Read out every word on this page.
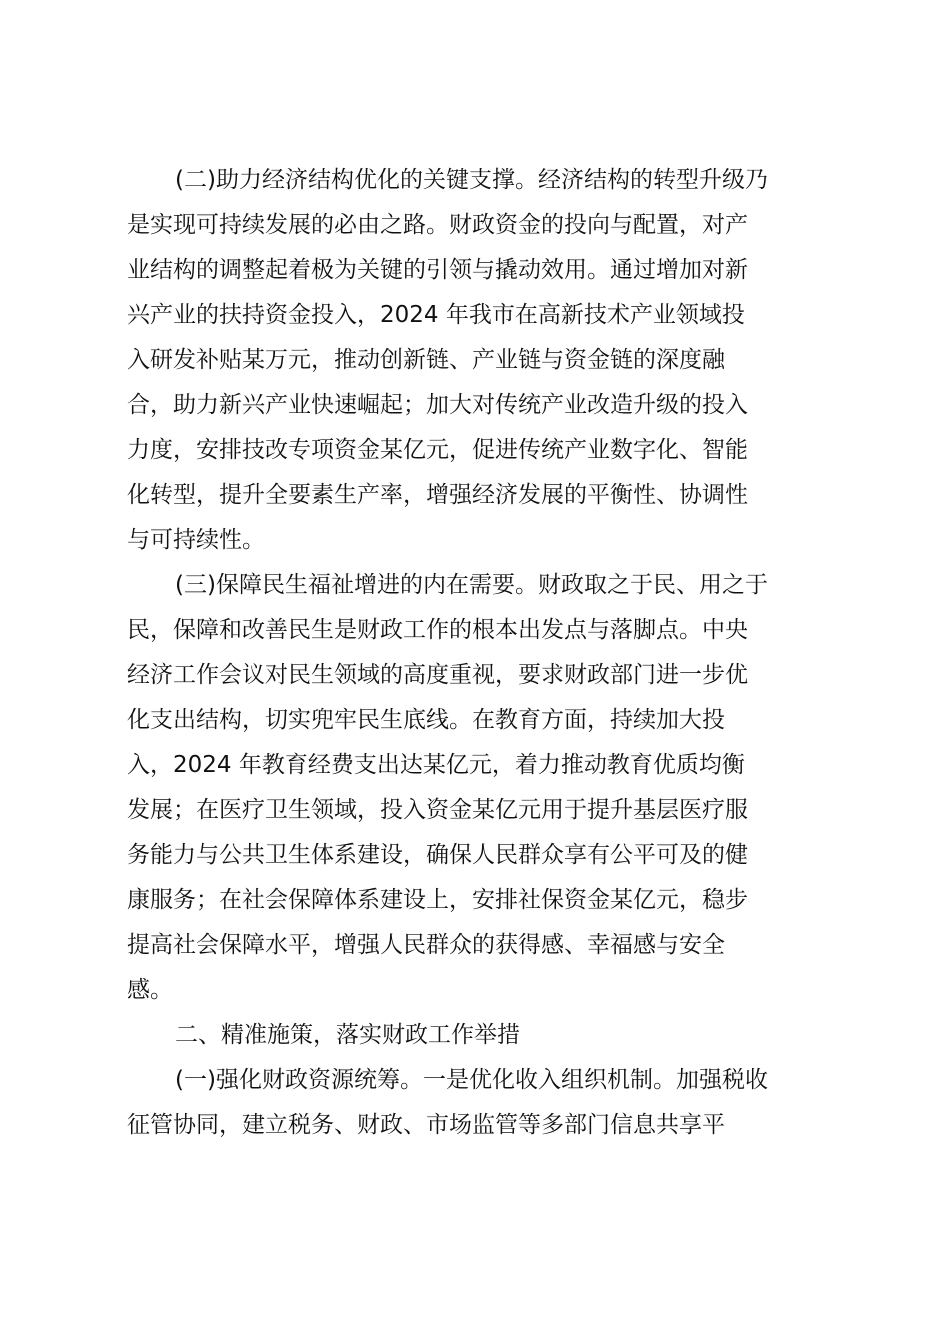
(二)助力经济结构优化的关键支撑。经济结构的转型升级乃
是实现可持续发展的必由之路。财政资金的投向与配置，对产
业结构的调整起着极为关键的引领与撬动效用。通过增加对新
兴产业的扶持资金投入，2024 年我市在高新技术产业领域投
入研发补贴某万元，推动创新链、产业链与资金链的深度融
合，助力新兴产业快速崛起；加大对传统产业改造升级的投入
力度，安排技改专项资金某亿元，促进传统产业数字化、智能
化转型，提升全要素生产率，增强经济发展的平衡性、协调性
与可持续性。
(三)保障民生福祉增进的内在需要。财政取之于民、用之于
民，保障和改善民生是财政工作的根本出发点与落脚点。中央
经济工作会议对民生领域的高度重视，要求财政部门进一步优
化支出结构，切实兜牢民生底线。在教育方面，持续加大投
入，2024 年教育经费支出达某亿元，着力推动教育优质均衡
发展；在医疗卫生领域，投入资金某亿元用于提升基层医疗服
务能力与公共卫生体系建设，确保人民群众享有公平可及的健
康服务；在社会保障体系建设上，安排社保资金某亿元，稳步
提高社会保障水平，增强人民群众的获得感、幸福感与安全
感。
二、精准施策，落实财政工作举措
(一)强化财政资源统筹。一是优化收入组织机制。加强税收
征管协同，建立税务、财政、市场监管等多部门信息共享平
